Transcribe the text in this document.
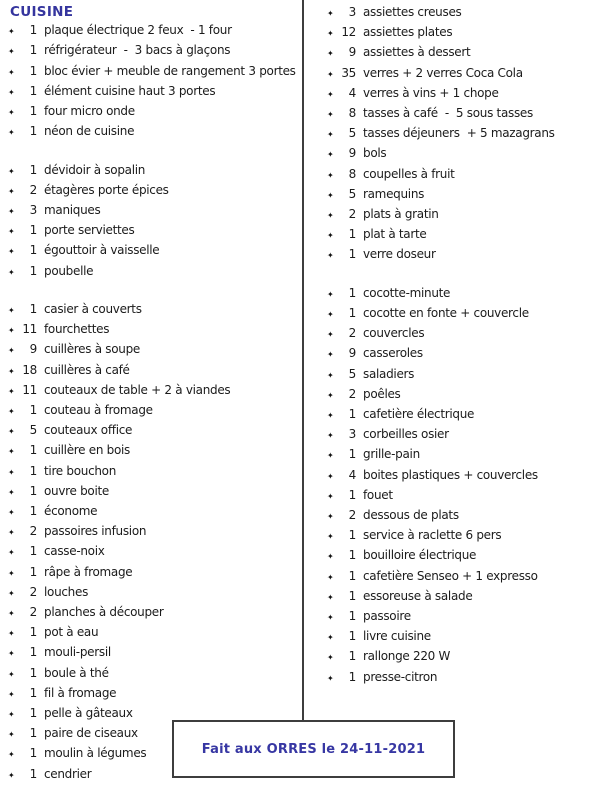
CUISINE
✦	1 plaque électrique 2 feux  - 1 four
✦	1 réfrigérateur  -  3 bacs à glaçons
✦	1 bloc évier + meuble de rangement 3 portes
✦	1 élément cuisine haut 3 portes
✦	1 four micro onde
✦	1 néon de cuisine
✦	1 dévidoir à sopalin
✦	2 étagères porte épices
✦	3 maniques
✦	1 porte serviettes
✦	1 égouttoir à vaisselle
✦	1 poubelle
✦	1 casier à couverts
✦ 11 fourchettes
✦	9 cuillères à soupe
✦ 18 cuillères à café
✦ 11 couteaux de table + 2 à viandes
✦	1 couteau à fromage
✦	5 couteaux office
✦	1 cuillère en bois
✦	1 tire bouchon
✦	1 ouvre boite
✦	1 économe
✦	2 passoires infusion
✦	1 casse-noix
✦	1 râpe à fromage
✦	2 louches
✦	2 planches à découper
✦	1 pot à eau
✦	1 mouli-persil
✦	1 boule à thé
✦	1 fil à fromage
✦	1 pelle à gâteaux
✦	1 paire de ciseaux
✦	1 moulin à légumes
✦	1 cendrier
✦	3 assiettes creuses
✦ 12 assiettes plates
✦	9 assiettes à dessert
✦ 35 verres + 2 verres Coca Cola
✦	4 verres à vins + 1 chope
✦	8 tasses à café  -  5 sous tasses
✦	5 tasses déjeuners  + 5 mazagrans
✦	9 bols
✦	8 coupelles à fruit
✦	5 ramequins
✦	2 plats à gratin
✦	1 plat à tarte
✦	1 verre doseur
✦	1 cocotte-minute
✦	1 cocotte en fonte + couvercle
✦	2 couvercles
✦	9 casseroles
✦	5 saladiers
✦	2 poêles
✦	1 cafetière électrique
✦	3 corbeilles osier
✦	1 grille-pain
✦	4 boites plastiques + couvercles
✦	1 fouet
✦	2 dessous de plats
✦	1 service à raclette 6 pers
✦	1 bouilloire électrique
✦	1 cafetière Senseo + 1 expresso
✦	1 essoreuse à salade
✦	1 passoire
✦	1 livre cuisine
✦	1 rallonge 220 W
✦	1 presse-citron
Fait aux ORRES le 24-11-2021
